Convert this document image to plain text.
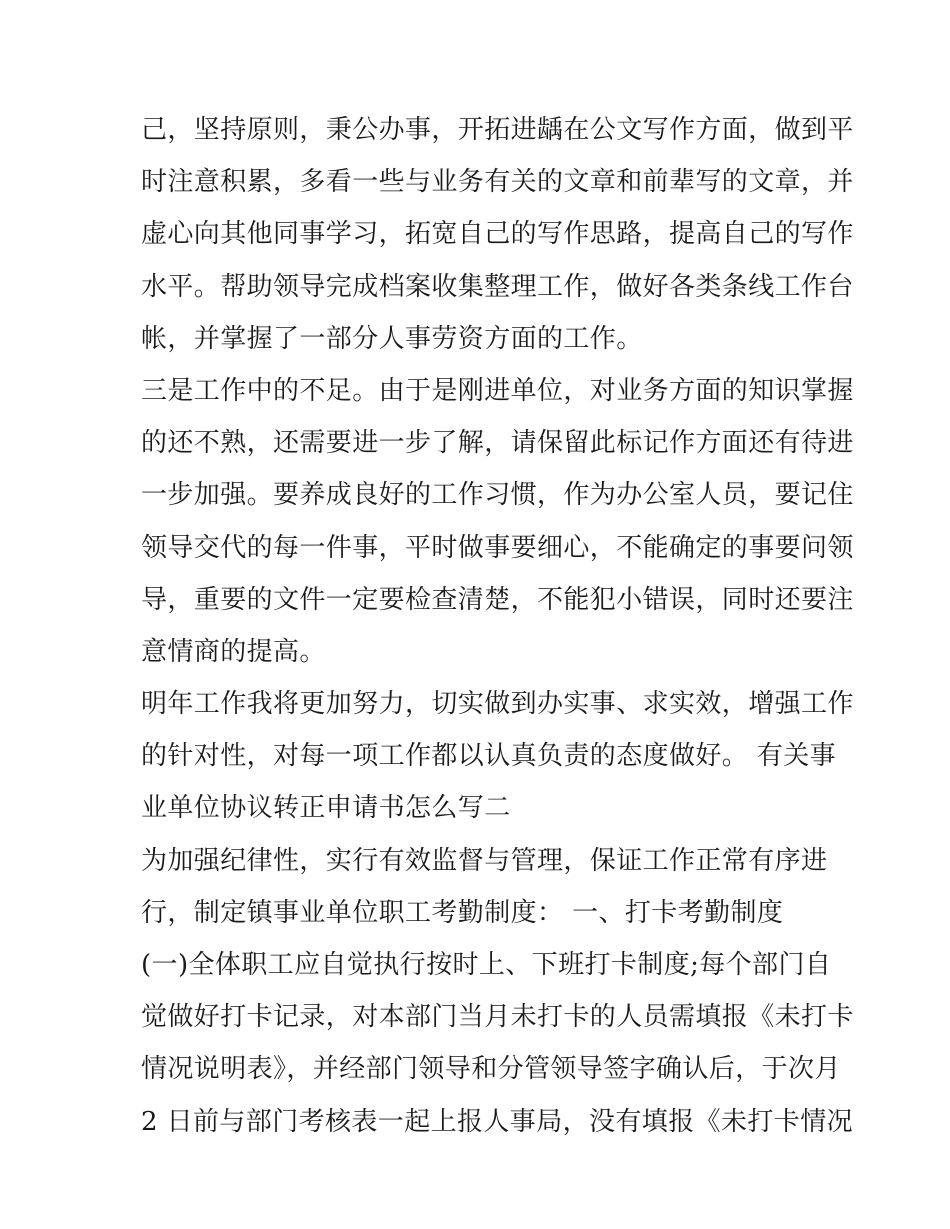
己，坚持原则，秉公办事，开拓进龋在公文写作方面，做到平
时注意积累，多看一些与业务有关的文章和前辈写的文章，并
虚心向其他同事学习，拓宽自己的写作思路，提高自己的写作
水平。帮助领导完成档案收集整理工作，做好各类条线工作台
帐，并掌握了一部分人事劳资方面的工作。
三是工作中的不足。由于是刚进单位，对业务方面的知识掌握
的还不熟，还需要进一步了解，请保留此标记作方面还有待进
一步加强。要养成良好的工作习惯，作为办公室人员，要记住
领导交代的每一件事，平时做事要细心，不能确定的事要问领
导，重要的文件一定要检查清楚，不能犯小错误，同时还要注
意情商的提高。
明年工作我将更加努力，切实做到办实事、求实效，增强工作
的针对性，对每一项工作都以认真负责的态度做好。 有关事
业单位协议转正申请书怎么写二
为加强纪律性，实行有效监督与管理，保证工作正常有序进
行，制定镇事业单位职工考勤制度： 一、打卡考勤制度
(一)全体职工应自觉执行按时上、下班打卡制度;每个部门自
觉做好打卡记录，对本部门当月未打卡的人员需填报《未打卡
情况说明表》，并经部门领导和分管领导签字确认后，于次月
2 日前与部门考核表一起上报人事局，没有填报《未打卡情况
